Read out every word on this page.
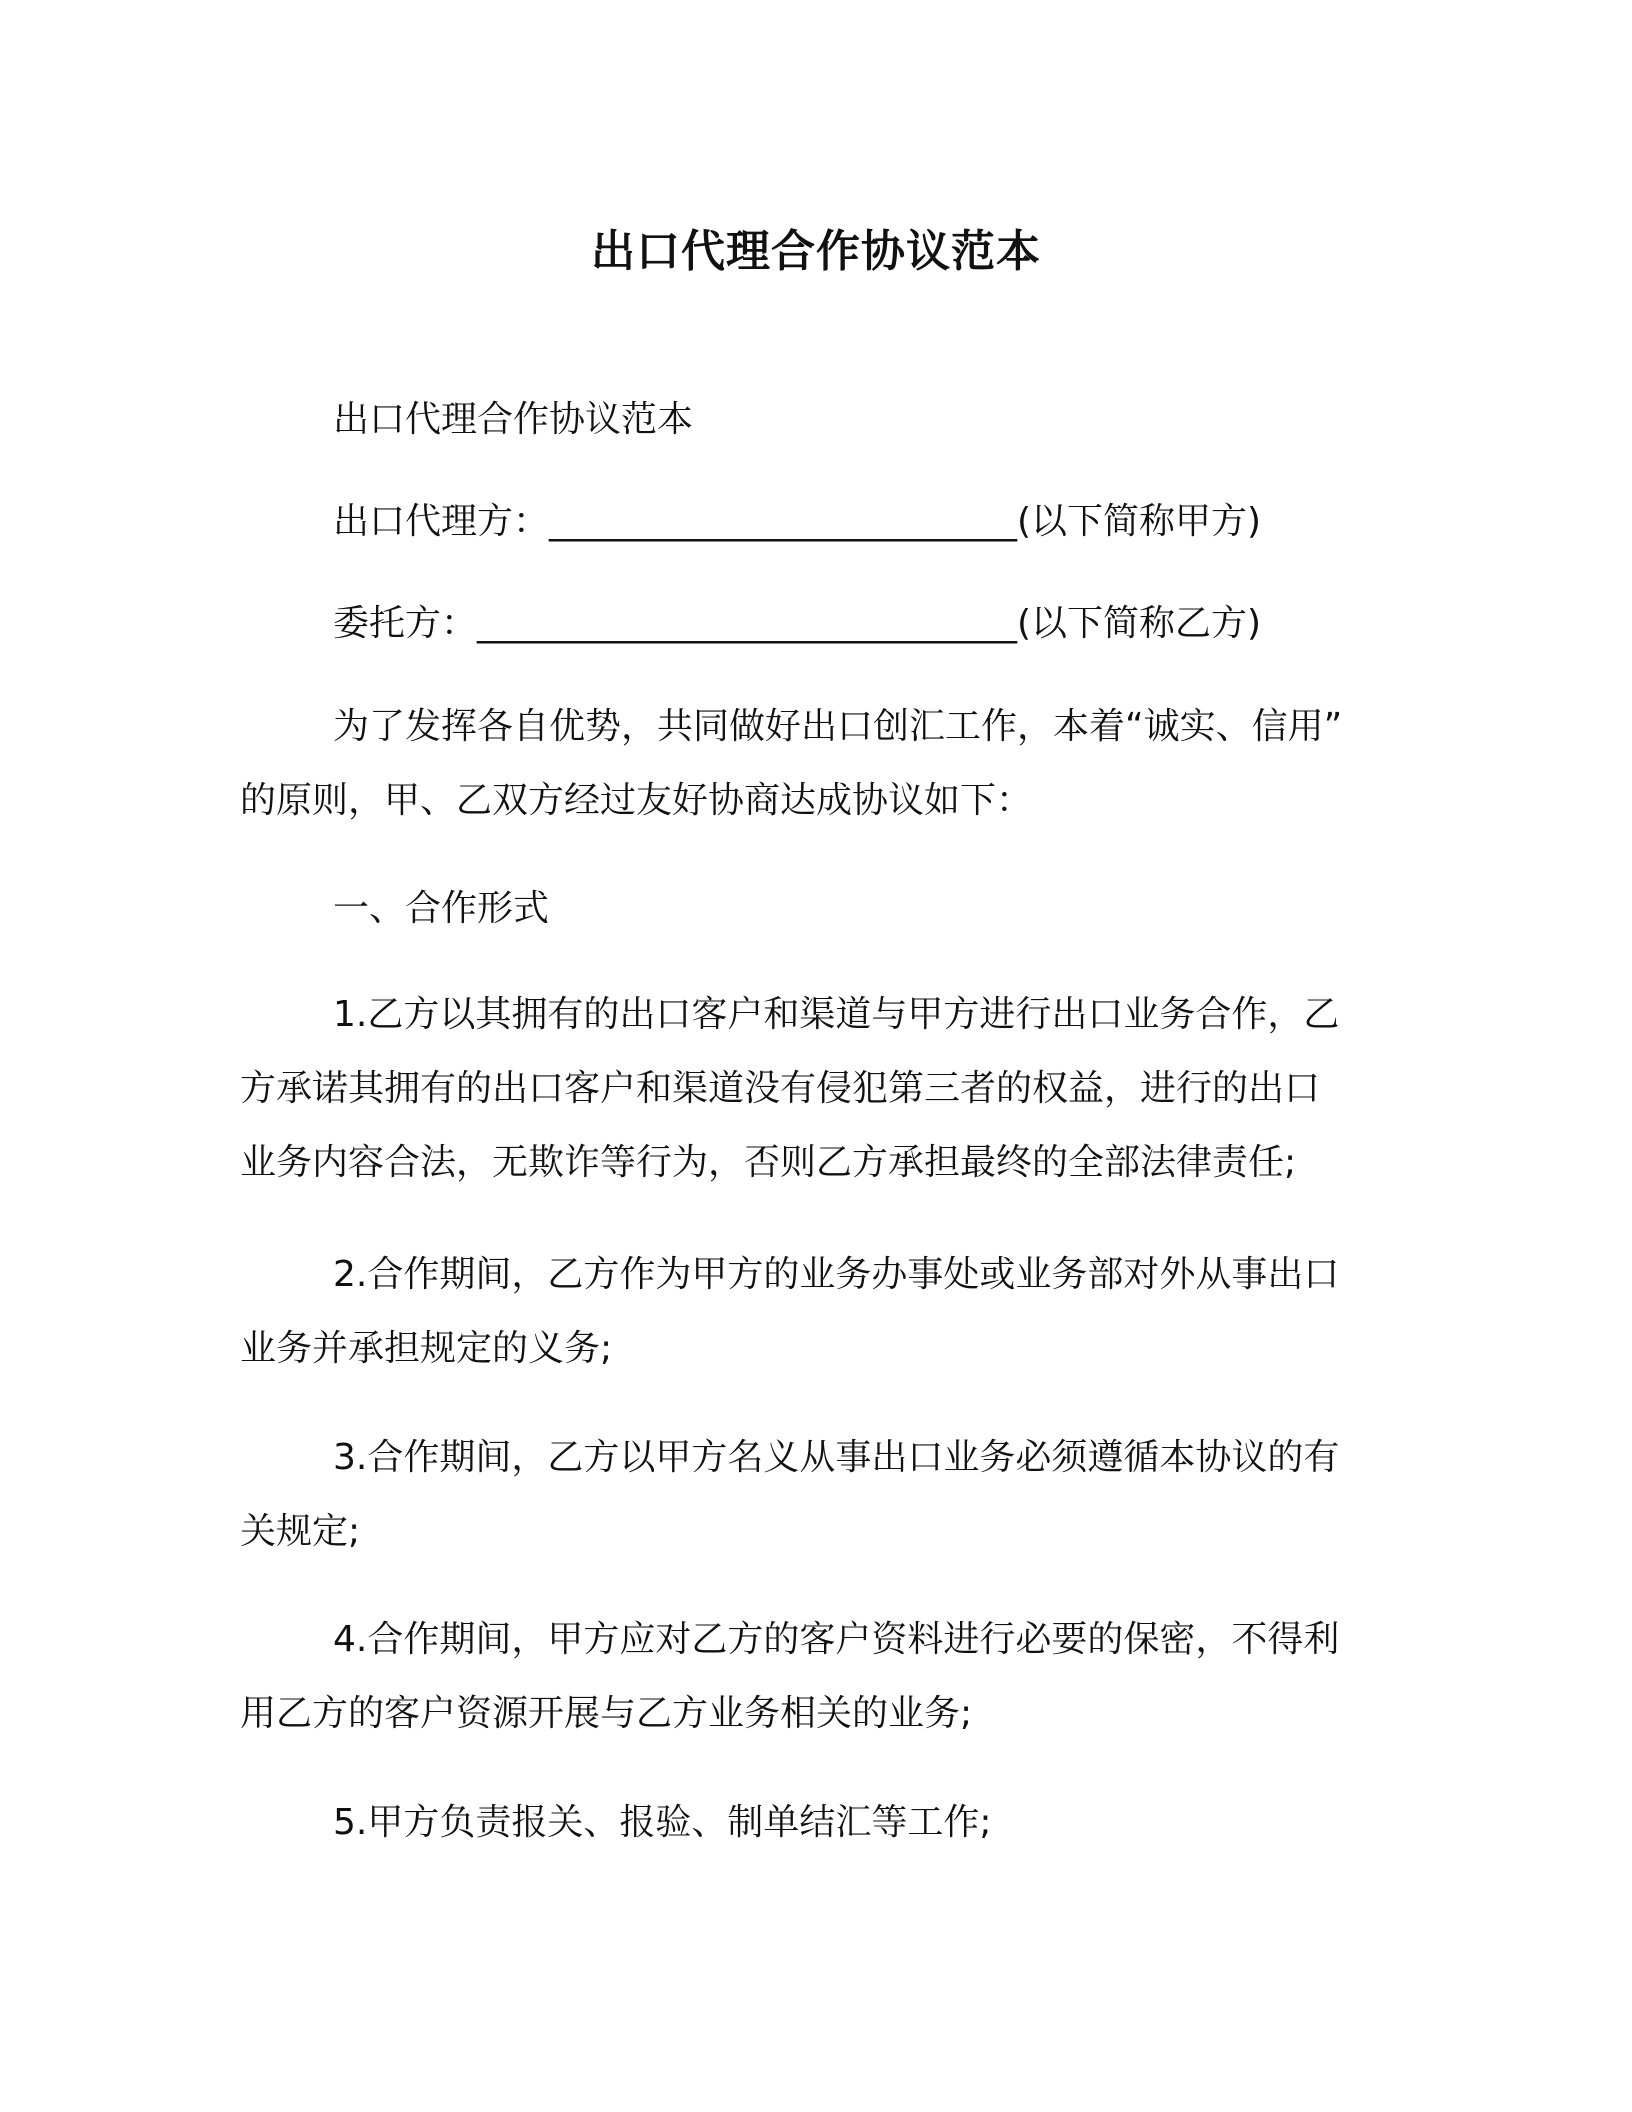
出口代理合作协议范本
出口代理合作协议范本
出口代理方：__________________________(以下简称甲方)
委托方：______________________________(以下简称乙方)

为了发挥各自优势，共同做好出口创汇工作，本着“诚实、信用”

的原则，甲、乙双方经过友好协商达成协议如下：

一、合作形式

1.乙方以其拥有的出口客户和渠道与甲方进行出口业务合作，乙

方承诺其拥有的出口客户和渠道没有侵犯第三者的权益，进行的出口

业务内容合法，无欺诈等行为，否则乙方承担最终的全部法律责任;

2.合作期间，乙方作为甲方的业务办事处或业务部对外从事出口

业务并承担规定的义务;

3.合作期间，乙方以甲方名义从事出口业务必须遵循本协议的有

关规定;

4.合作期间，甲方应对乙方的客户资料进行必要的保密，不得利

用乙方的客户资源开展与乙方业务相关的业务;

5.甲方负责报关、报验、制单结汇等工作;
